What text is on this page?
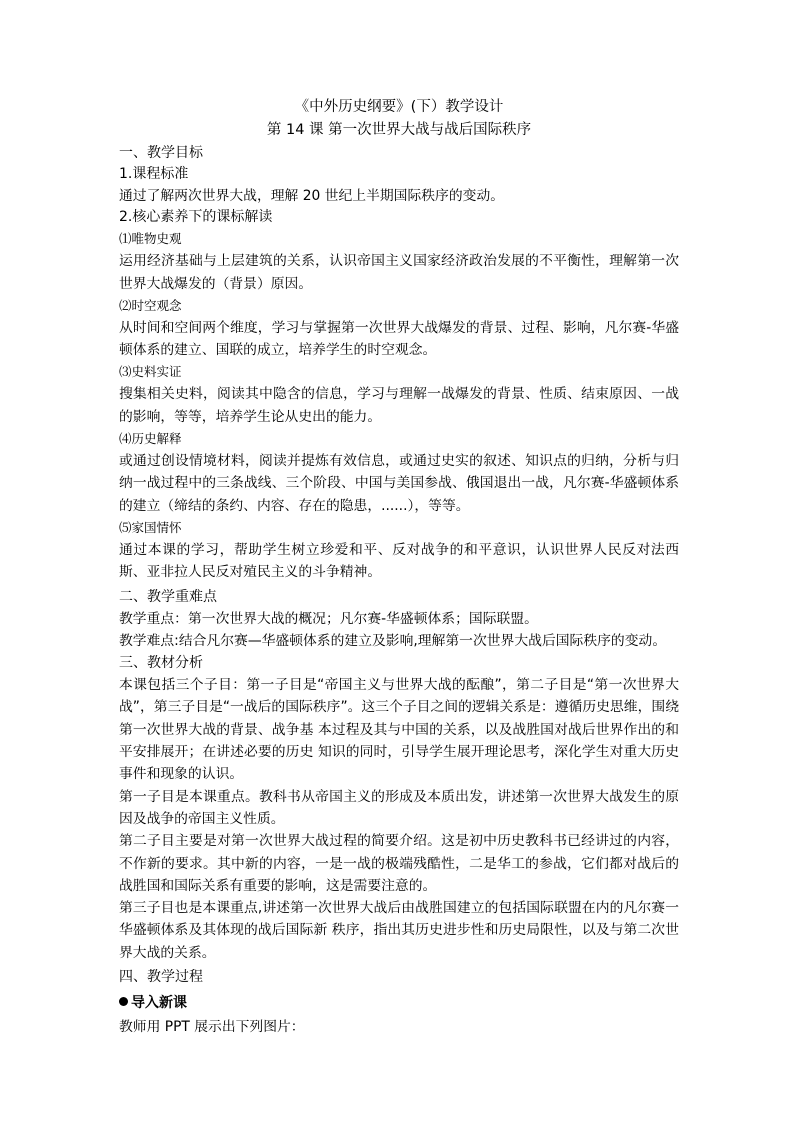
《中外历史纲要》(下）教学设计
第 14 课 第一次世界大战与战后国际秩序
一、教学目标
1.课程标准

通过了解两次世界大战，理解 20 世纪上半期国际秩序的变动。

2.核心素养下的课标解读
⑴唯物史观

运用经济基础与上层建筑的关系，认识帝国主义国家经济政治发展的不平衡性，理解第一次世界大战爆发的（背景）原因。

⑵时空观念

从时间和空间两个维度，学习与掌握第一次世界大战爆发的背景、过程、影响，凡尔赛-华盛顿体系的建立、国联的成立，培养学生的时空观念。

⑶史料实证

搜集相关史料，阅读其中隐含的信息，学习与理解一战爆发的背景、性质、结束原因、一战的影响，等等，培养学生论从史出的能力。

⑷历史解释

或通过创设情境材料，阅读并提炼有效信息，或通过史实的叙述、知识点的归纳，分析与归纳一战过程中的三条战线、三个阶段、中国与美国参战、俄国退出一战，凡尔赛-华盛顿体系的建立（缔结的条约、内容、存在的隐患，......），等等。

⑸家国情怀

通过本课的学习，帮助学生树立珍爱和平、反对战争的和平意识，认识世界人民反对法西斯、亚非拉人民反对殖民主义的斗争精神。

二、教学重难点

教学重点：第一次世界大战的概况；凡尔赛-华盛顿体系；国际联盟。

教学难点:结合凡尔赛—华盛顿体系的建立及影响,理解第一次世界大战后国际秩序的变动。

三、教材分析

本课包括三个子目：第一子目是“帝国主义与世界大战的酝酿”，第二子目是“第一次世界大战”，第三子目是“一战后的国际秩序”。这三个子目之间的逻辑关系是：遵循历史思维，围绕第一次世界大战的背景、战争基 本过程及其与中国的关系，以及战胜国对战后世界作出的和平安排展开；在讲述必要的历史 知识的同时，引导学生展开理论思考，深化学生对重大历史事件和现象的认识。

第一子目是本课重点。教科书从帝国主义的形成及本质出发，讲述第一次世界大战发生的原因及战争的帝国主义性质。

第二子目主要是对第一次世界大战过程的简要介绍。这是初中历史教科书已经讲过的内容，不作新的要求。其中新的内容，一是一战的极端残酷性，二是华工的参战，它们都对战后的战胜国和国际关系有重要的影响，这是需要注意的。

第三子目也是本课重点,讲述第一次世界大战后由战胜国建立的包括国际联盟在内的凡尔赛一华盛顿体系及其体现的战后国际新 秩序，指出其历史进步性和历史局限性，以及与第二次世界大战的关系。

四、教学过程
导入新课

教师用 PPT 展示出下列图片：
